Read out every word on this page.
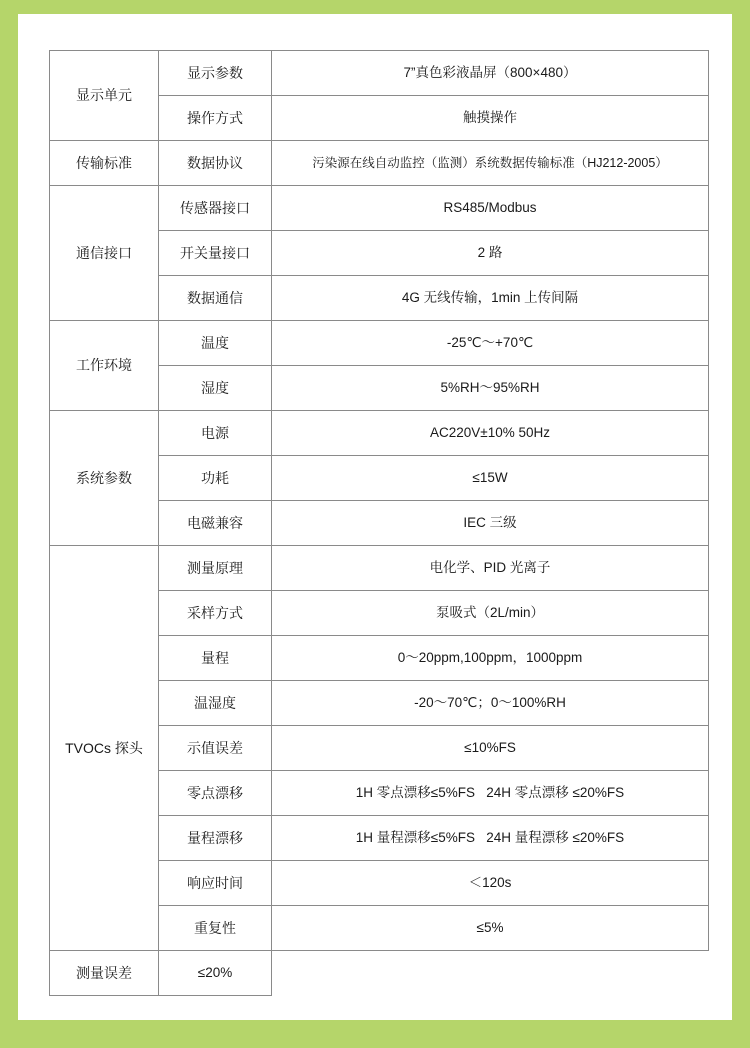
显示单元	显示参数	7”真色彩液晶屏（800×480）
	操作方式	触摸操作
传输标准	数据协议	污染源在线自动监控（监测）系统数据传输标准（HJ212-2005）
通信接口	传感器接口	RS485/Modbus
	开关量接口	2 路
	数据通信	4G 无线传输，1min 上传间隔
工作环境	温度	-25℃～+70℃
	湿度	5%RH～95%RH
系统参数	电源	AC220V±10% 50Hz
	功耗	≤15W
	电磁兼容	IEC 三级
TVOCs 探头	测量原理	电化学、PID 光离子
	采样方式	泵吸式（2L/min）
	量程	0～20ppm,100ppm，1000ppm
	温湿度	-20～70℃；0～100%RH
	示值误差	≤10%FS
	零点漂移	1H 零点漂移≤5%FS   24H 零点漂移 ≤20%FS
	量程漂移	1H 量程漂移≤5%FS   24H 量程漂移 ≤20%FS
	响应时间	＜120s
	重复性	≤5%
测量误差	≤20%	
